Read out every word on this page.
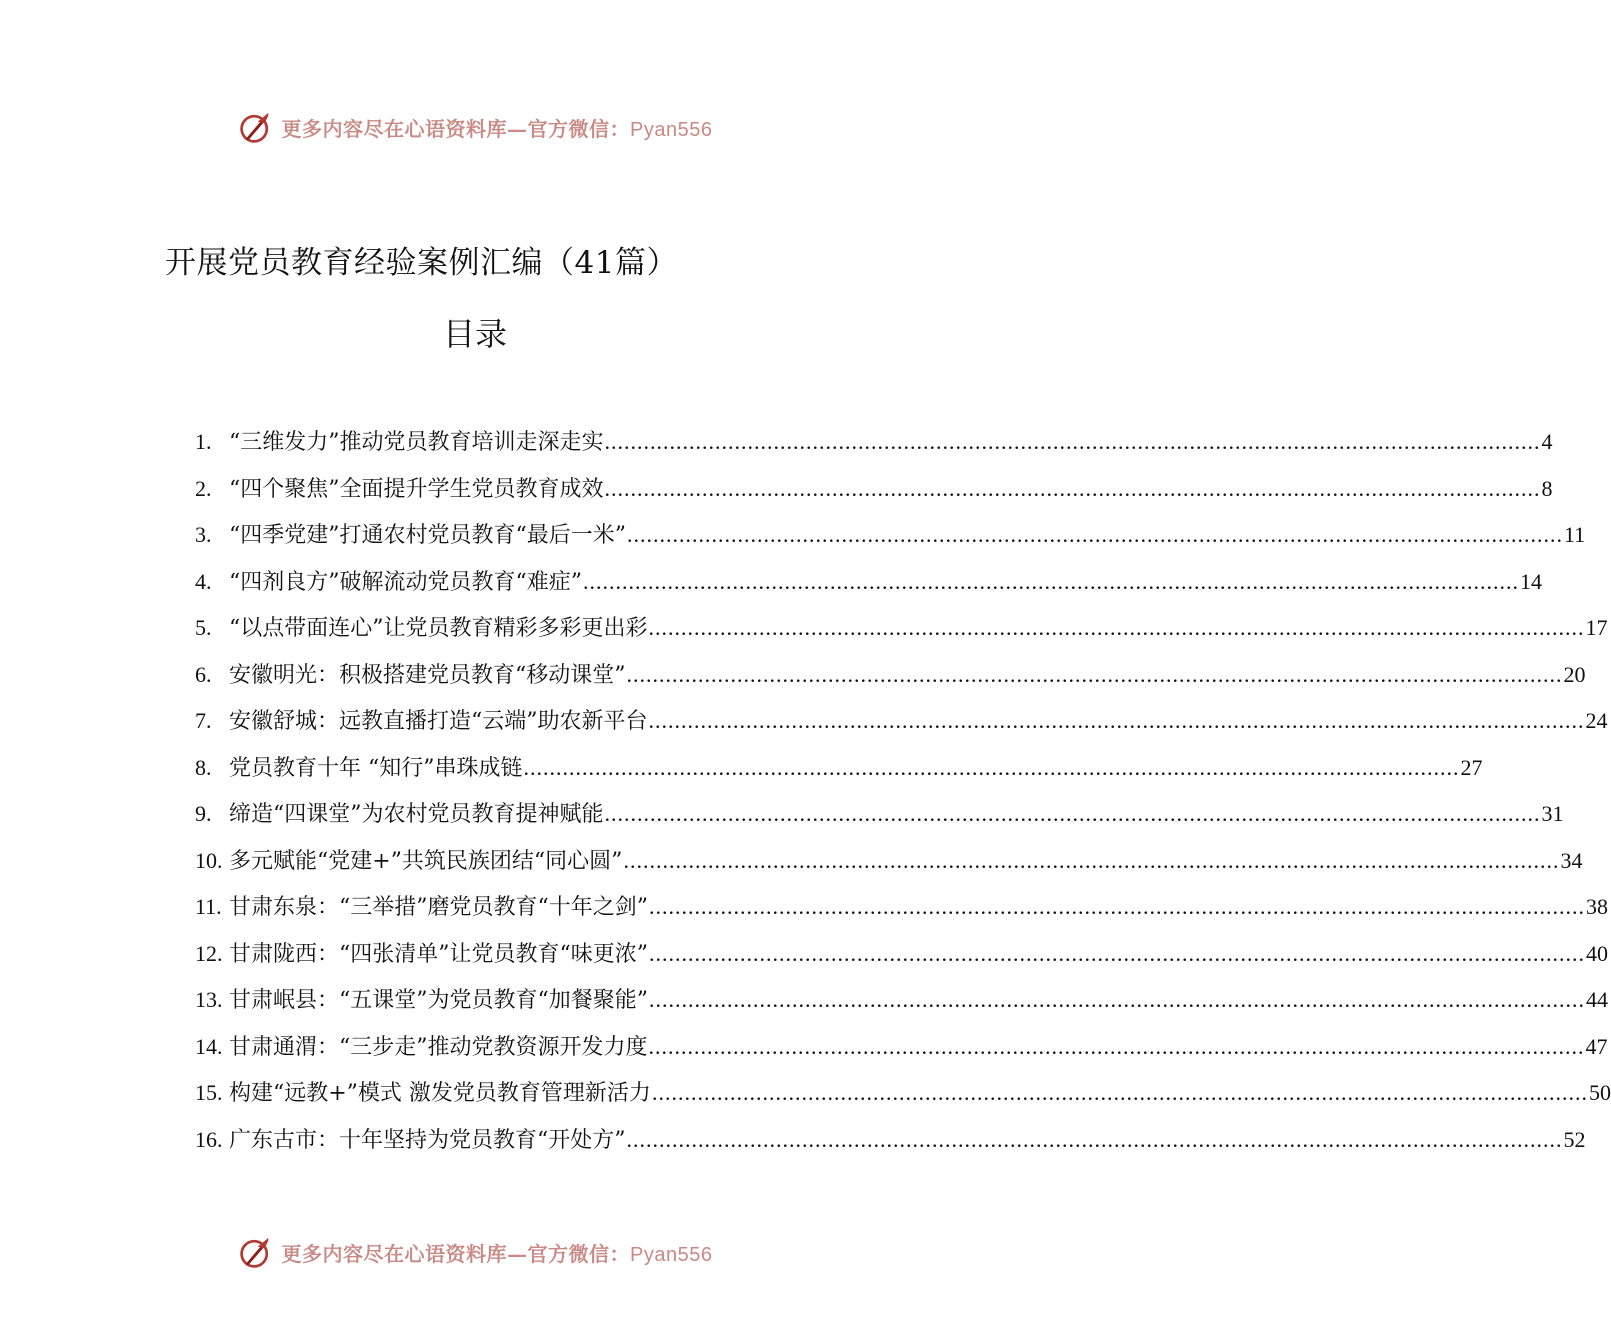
更多内容尽在心语资料库—官方微信：Pyan556
开展党员教育经验案例汇编（41篇）
目录
1. “三维发力”推动党员教育培训走深走实 .....	4
2. “四个聚焦”全面提升学生党员教育成效 .....	8
3. “四季党建”打通农村党员教育“最后一米” .....	11
4. “四剂良方”破解流动党员教育“难症” .....	14
5. “以点带面连心”让党员教育精彩多彩更出彩 .....	17
6. 安徽明光：积极搭建党员教育“移动课堂” .....	20
7. 安徽舒城：远教直播打造“云端”助农新平台 .....	24
8. 党员教育十年 “知行”串珠成链 .....	27
9. 缔造“四课堂”为农村党员教育提神赋能 .....	31
10. 多元赋能“党建+”共筑民族团结“同心圆” .....	34
11. 甘肃东泉：“三举措”磨党员教育“十年之剑” .....	38
12. 甘肃陇西：“四张清单”让党员教育“味更浓” .....	40
13. 甘肃岷县：“五课堂”为党员教育“加餐聚能” .....	44
14. 甘肃通渭：“三步走”推动党教资源开发力度 .....	47
15. 构建“远教+”模式 激发党员教育管理新活力 .....	50
16. 广东古市：十年坚持为党员教育“开处方” .....	52
更多内容尽在心语资料库—官方微信：Pyan556
